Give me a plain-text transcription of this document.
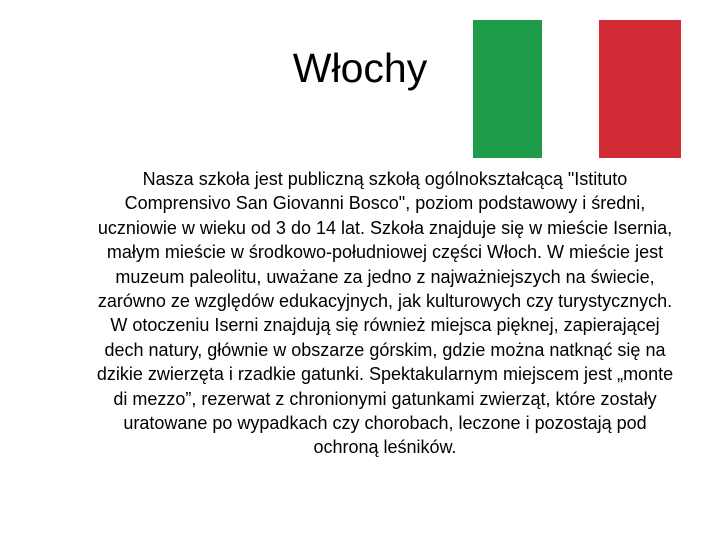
Włochy

Nasza szkoła jest publiczną szkołą ogólnokształcącą "Istituto Comprensivo San Giovanni Bosco", poziom podstawowy i średni, uczniowie w wieku od 3 do 14 lat. Szkoła znajduje się w mieście Isernia, małym mieście w środkowo-południowej części Włoch. W mieście jest muzeum paleolitu, uważane za jedno z najważniejszych na świecie, zarówno ze względów edukacyjnych, jak kulturowych czy turystycznych. W otoczeniu Iserni znajdują się również miejsca pięknej, zapierającej dech natury, głównie w obszarze górskim, gdzie można natknąć się na dzikie zwierzęta i rzadkie gatunki. Spektakularnym miejscem jest „monte di mezzo”, rezerwat z chronionymi gatunkami zwierząt, które zostały uratowane po wypadkach czy chorobach, leczone i pozostają pod ochroną leśników.
